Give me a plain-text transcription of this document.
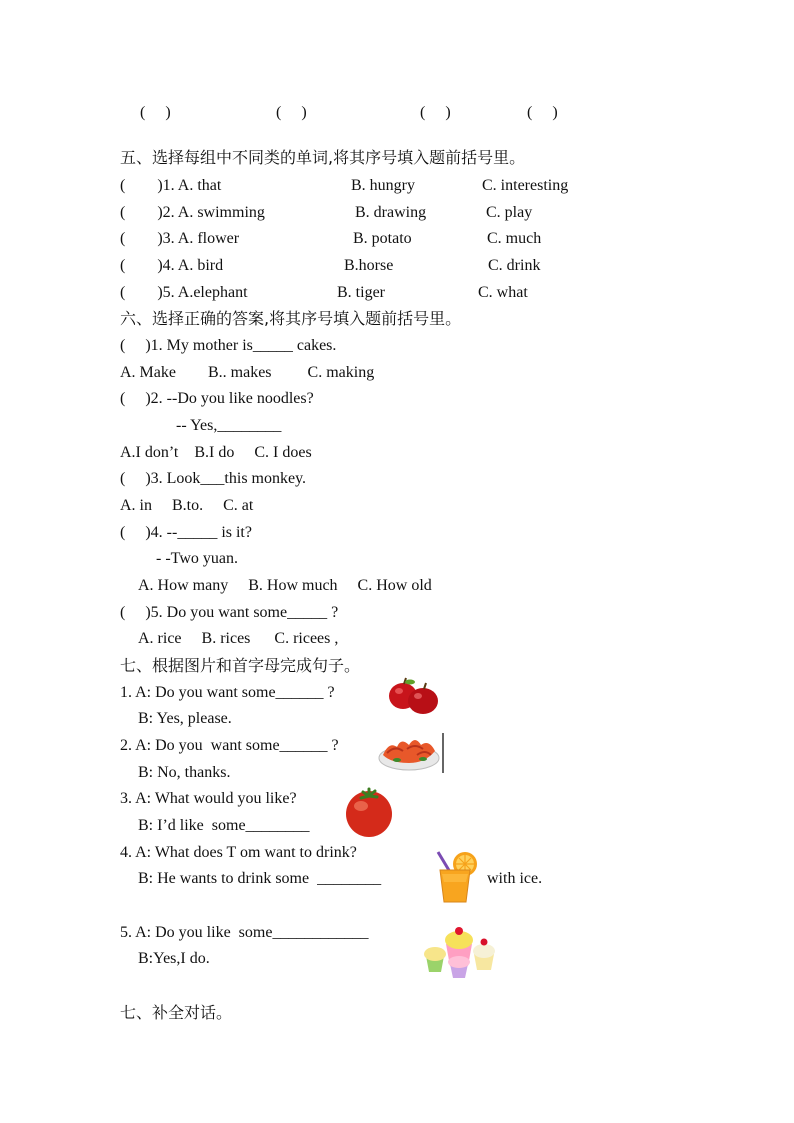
(　 )	(　 )	(　 )	(　 )
五、选择每组中不同类的单词,将其序号填入题前括号里。
(　　)1. A. that	B. hungry	C. interesting
(　　)2. A. swimming	B. drawing	C. play
(　　)3. A. flower	B. potato	C. much
(　　)4. A. bird	B.horse	C. drink
(　　)5. A.elephant	B. tiger	C. what
六、选择正确的答案,将其序号填入题前括号里。
(　 )1. My mother is_____ cakes.
A. Make        B.. makes         C. making
(　 )2. --Do you like noodles?
-- Yes,________
A.I don’t    B.I do     C. I does
(　 )3. Look___this monkey.
A. in     B.to.     C. at
(　 )4. --_____ is it?
- -Two yuan.
A. How many     B. How much     C. How old
(　 )5. Do you want some_____ ?
A. rice     B. rices      C. ricees ,
七、根据图片和首字母完成句子。
1. A: Do you want some______ ?
B: Yes, please.
2. A: Do you  want some______ ?
B: No, thanks.
3. A: What would you like?
B: I’d like  some________
4. A: What does T om want to drink?
B: He wants to drink some  ________	with ice.
5. A: Do you like  some____________
B:Yes,I do.
七、补全对话。
